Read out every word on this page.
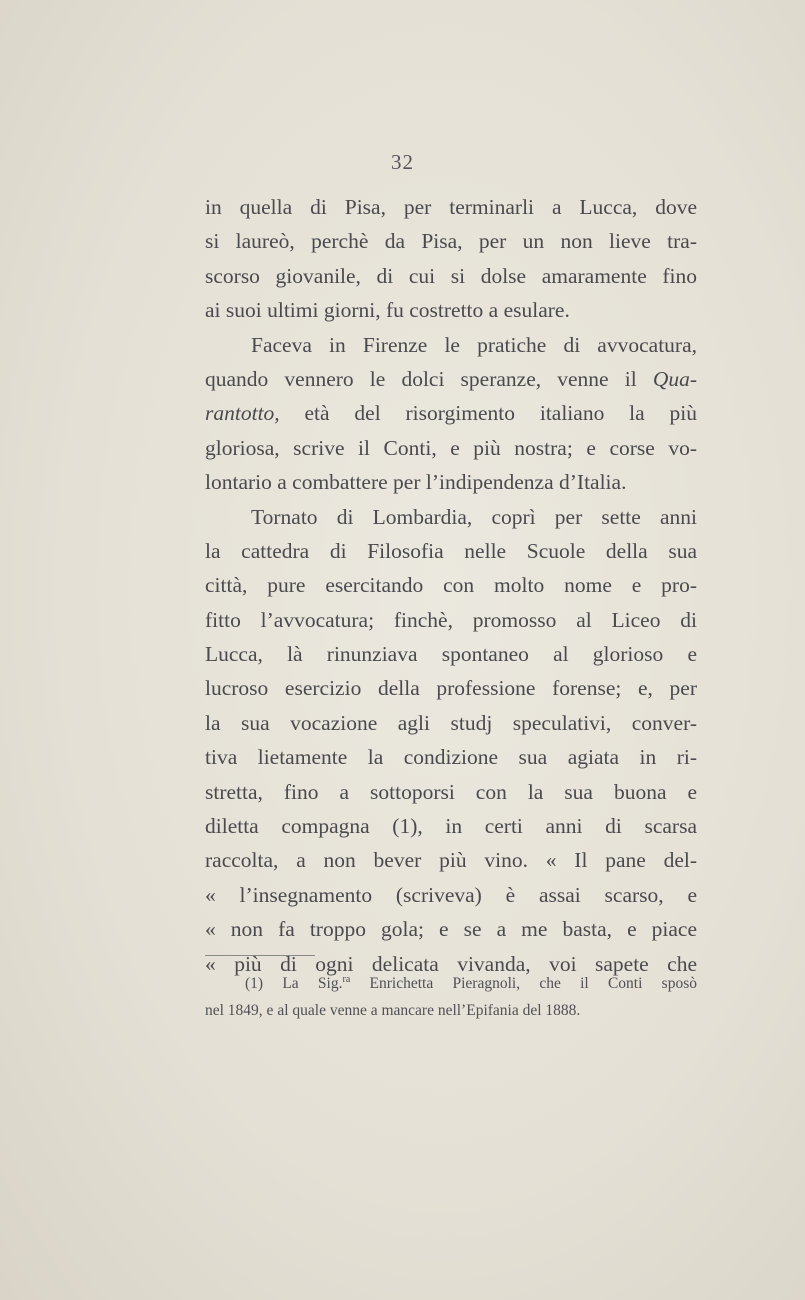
32
in quella di Pisa, per terminarli a Lucca, dove
si laureò, perchè da Pisa, per un non lieve tra-
scorso giovanile, di cui si dolse amaramente fino
ai suoi ultimi giorni, fu costretto a esulare.
Faceva in Firenze le pratiche di avvocatura,
quando vennero le dolci speranze, venne il Qua-
rantotto, età del risorgimento italiano la più
gloriosa, scrive il Conti, e più nostra; e corse vo-
lontario a combattere per l’indipendenza d’Italia.
Tornato di Lombardia, coprì per sette anni
la cattedra di Filosofia nelle Scuole della sua
città, pure esercitando con molto nome e pro-
fitto l’avvocatura; finchè, promosso al Liceo di
Lucca, là rinunziava spontaneo al glorioso e
lucroso esercizio della professione forense; e, per
la sua vocazione agli studj speculativi, conver-
tiva lietamente la condizione sua agiata in ri-
stretta, fino a sottoporsi con la sua buona e
diletta compagna (1), in certi anni di scarsa
raccolta, a non bever più vino. « Il pane del-
« l’insegnamento (scriveva) è assai scarso, e
« non fa troppo gola; e se a me basta, e piace
« più di ogni delicata vivanda, voi sapete che
(1) La Sig.$^{ra}$ Enrichetta Pieragnoli, che il Conti sposò
nel 1849, e al quale venne a mancare nell’Epifania del 1888.
